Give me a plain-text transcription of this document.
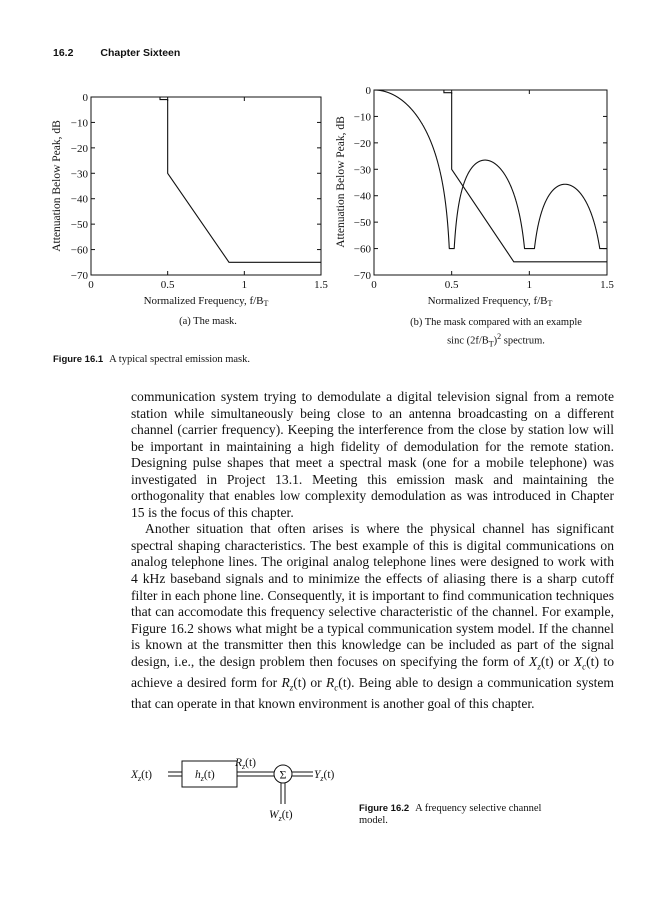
16.2	Chapter Sixteen
0
−10
−20
−30
−40
−50
−60
−70
0	0.5	1	1.5
Attenuation Below Peak, dB
Normalized Frequency, f/BT
(a) The mask.
0
−10
−20
−30
−40
−50
−60
−70
0	0.5	1	1.5
Attenuation Below Peak, dB
Normalized Frequency, f/BT
(b) The mask compared with an example
sinc $(2f/B_T)^2$ spectrum.
Figure 16.1 A typical spectral emission mask.

communication system trying to demodulate a digital television signal from a remote station while simultaneously being close to an antenna broadcasting on a different channel (carrier frequency). Keeping the interference from the close by station low will be important in maintaining a high fidelity of demodulation for the remote station. Designing pulse shapes that meet a spectral mask (one for a mobile telephone) was investigated in Project 13.1. Meeting this emission mask and maintaining the orthogonality that enables low complexity demodulation as was introduced in Chapter 15 is the focus of this chapter.

Another situation that often arises is where the physical channel has significant spectral shaping characteristics. The best example of this is digital communications on analog telephone lines. The original analog telephone lines were designed to work with 4 kHz baseband signals and to minimize the effects of aliasing there is a sharp cutoff filter in each phone line. Consequently, it is important to find communication techniques that can accomodate this frequency selective characteristic of the channel. For example, Figure 16.2 shows what might be a typical communication system model. If the channel is known at the transmitter then this knowledge can be included as part of the signal design, i.e., the design problem then focuses on specifying the form of $X_z(t)$ or $X_c(t)$ to achieve a desired form for $R_z(t)$ or $R_c(t)$. Being able to design a communication system that can operate in that known environment is another goal of this chapter.

$X_z(t)$	$h_z(t)$
$R_z(t)$
Σ $Y_z(t)$
$W_z(t)$
Figure 16.2 A frequency selective channel model.
